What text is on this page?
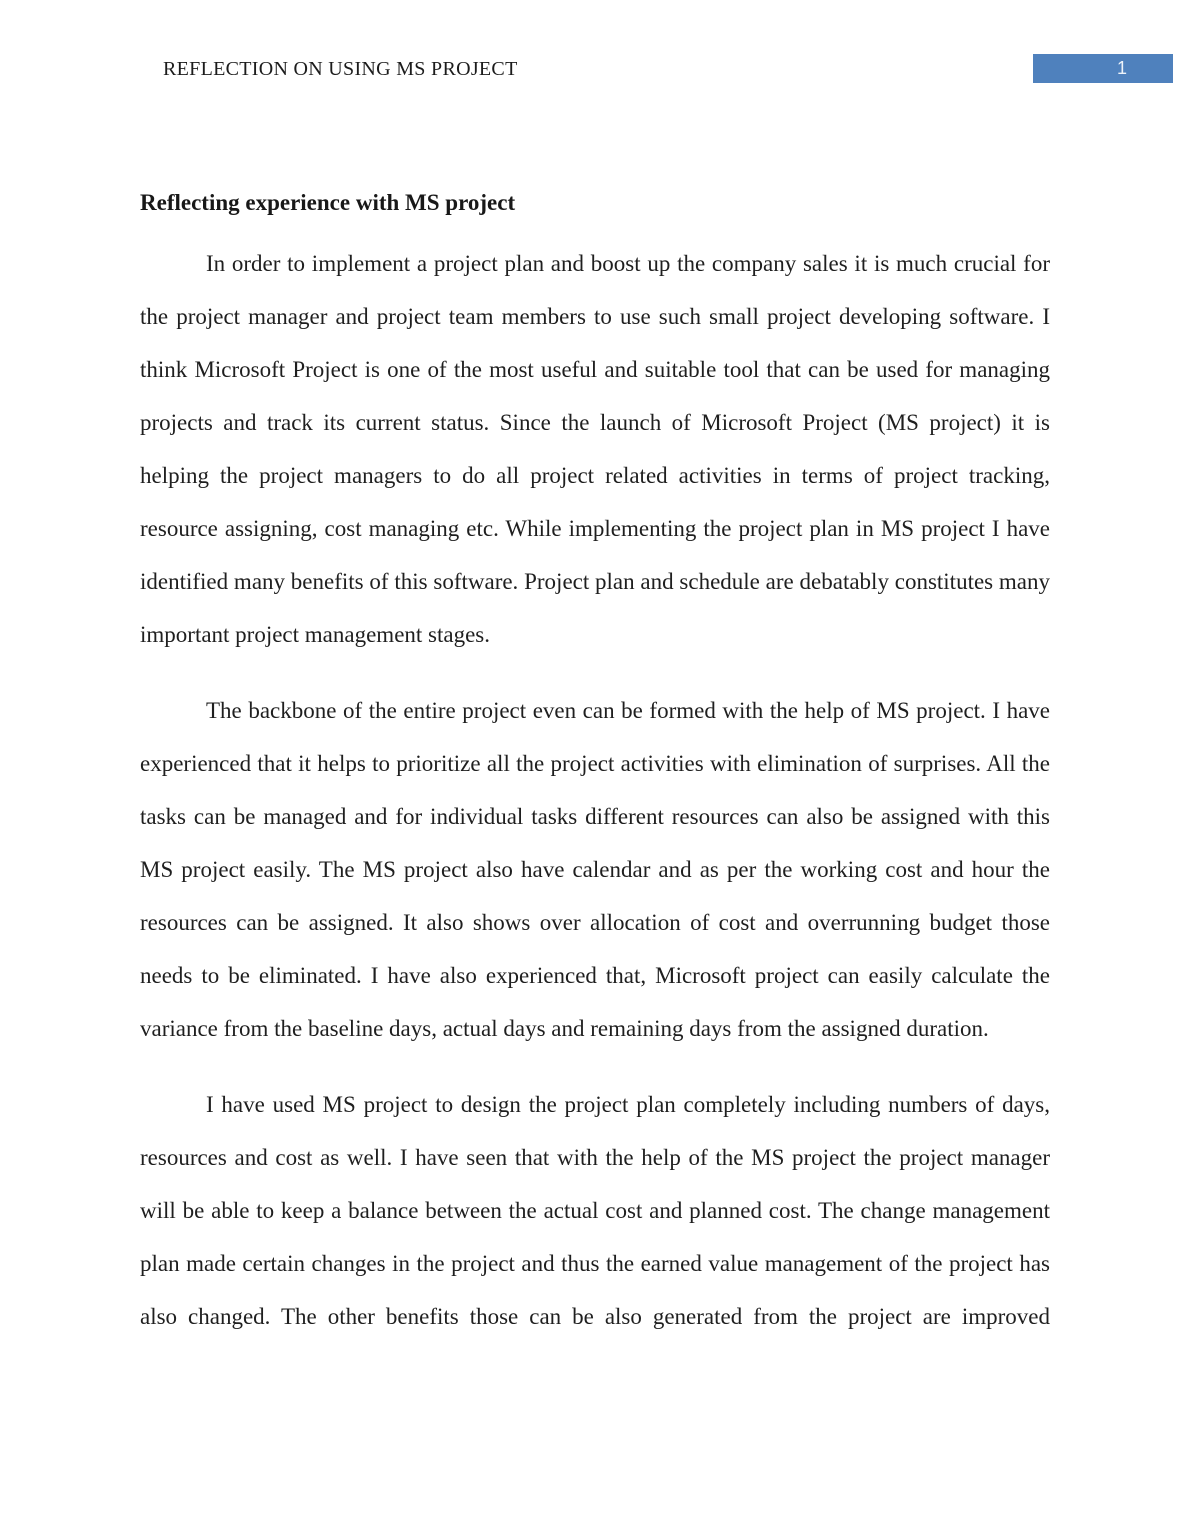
REFLECTION ON USING MS PROJECT	1
Reflecting experience with MS project

In order to implement a project plan and boost up the company sales it is much crucial for the project manager and project team members to use such small project developing software. I think Microsoft Project is one of the most useful and suitable tool that can be used for managing projects and track its current status. Since the launch of Microsoft Project (MS project) it is helping the project managers to do all project related activities in terms of project tracking, resource assigning, cost managing etc. While implementing the project plan in MS project I have identified many benefits of this software. Project plan and schedule are debatably constitutes many important project management stages.

The backbone of the entire project even can be formed with the help of MS project. I have experienced that it helps to prioritize all the project activities with elimination of surprises. All the tasks can be managed and for individual tasks different resources can also be assigned with this MS project easily. The MS project also have calendar and as per the working cost and hour the resources can be assigned. It also shows over allocation of cost and overrunning budget those needs to be eliminated. I have also experienced that, Microsoft project can easily calculate the variance from the baseline days, actual days and remaining days from the assigned duration.

I have used MS project to design the project plan completely including numbers of days, resources and cost as well. I have seen that with the help of the MS project the project manager will be able to keep a balance between the actual cost and planned cost. The change management plan made certain changes in the project and thus the earned value management of the project has also changed. The other benefits those can be also generated from the project are improved
